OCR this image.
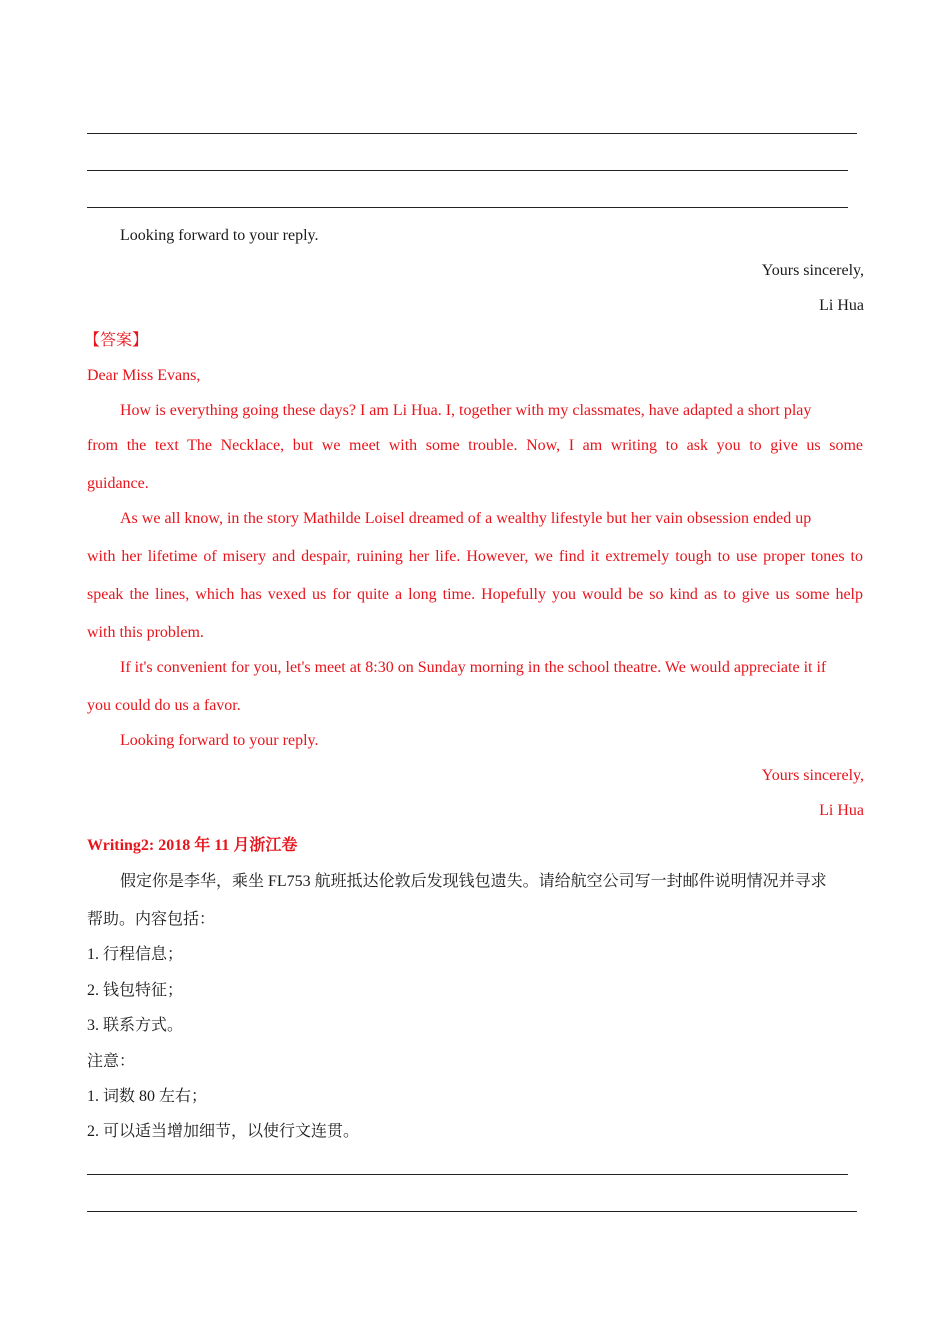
Looking forward to your reply.
Yours sincerely,
Li Hua
【答案】
Dear Miss Evans,
How is everything going these days? I am Li Hua. I, together with my classmates, have adapted a short play
from the text The Necklace, but we meet with some trouble. Now, I am writing to ask you to give us some
guidance.
As we all know, in the story Mathilde Loisel dreamed of a wealthy lifestyle but her vain obsession ended up
with her lifetime of misery and despair, ruining her life. However, we find it extremely tough to use proper tones to
speak the lines, which has vexed us for quite a long time. Hopefully you would be so kind as to give us some help
with this problem.
If it's convenient for you, let's meet at 8:30 on Sunday morning in the school theatre. We would appreciate it if
you could do us a favor.
Looking forward to your reply.
Yours sincerely,
Li Hua
Writing2: 2018 年 11 月浙江卷
假定你是李华，乘坐 FL753 航班抵达伦敦后发现钱包遗失。请给航空公司写一封邮件说明情况并寻求
帮助。内容包括：
1. 行程信息；
2. 钱包特征；
3. 联系方式。
注意：
1. 词数 80 左右；
2. 可以适当增加细节，以使行文连贯。
